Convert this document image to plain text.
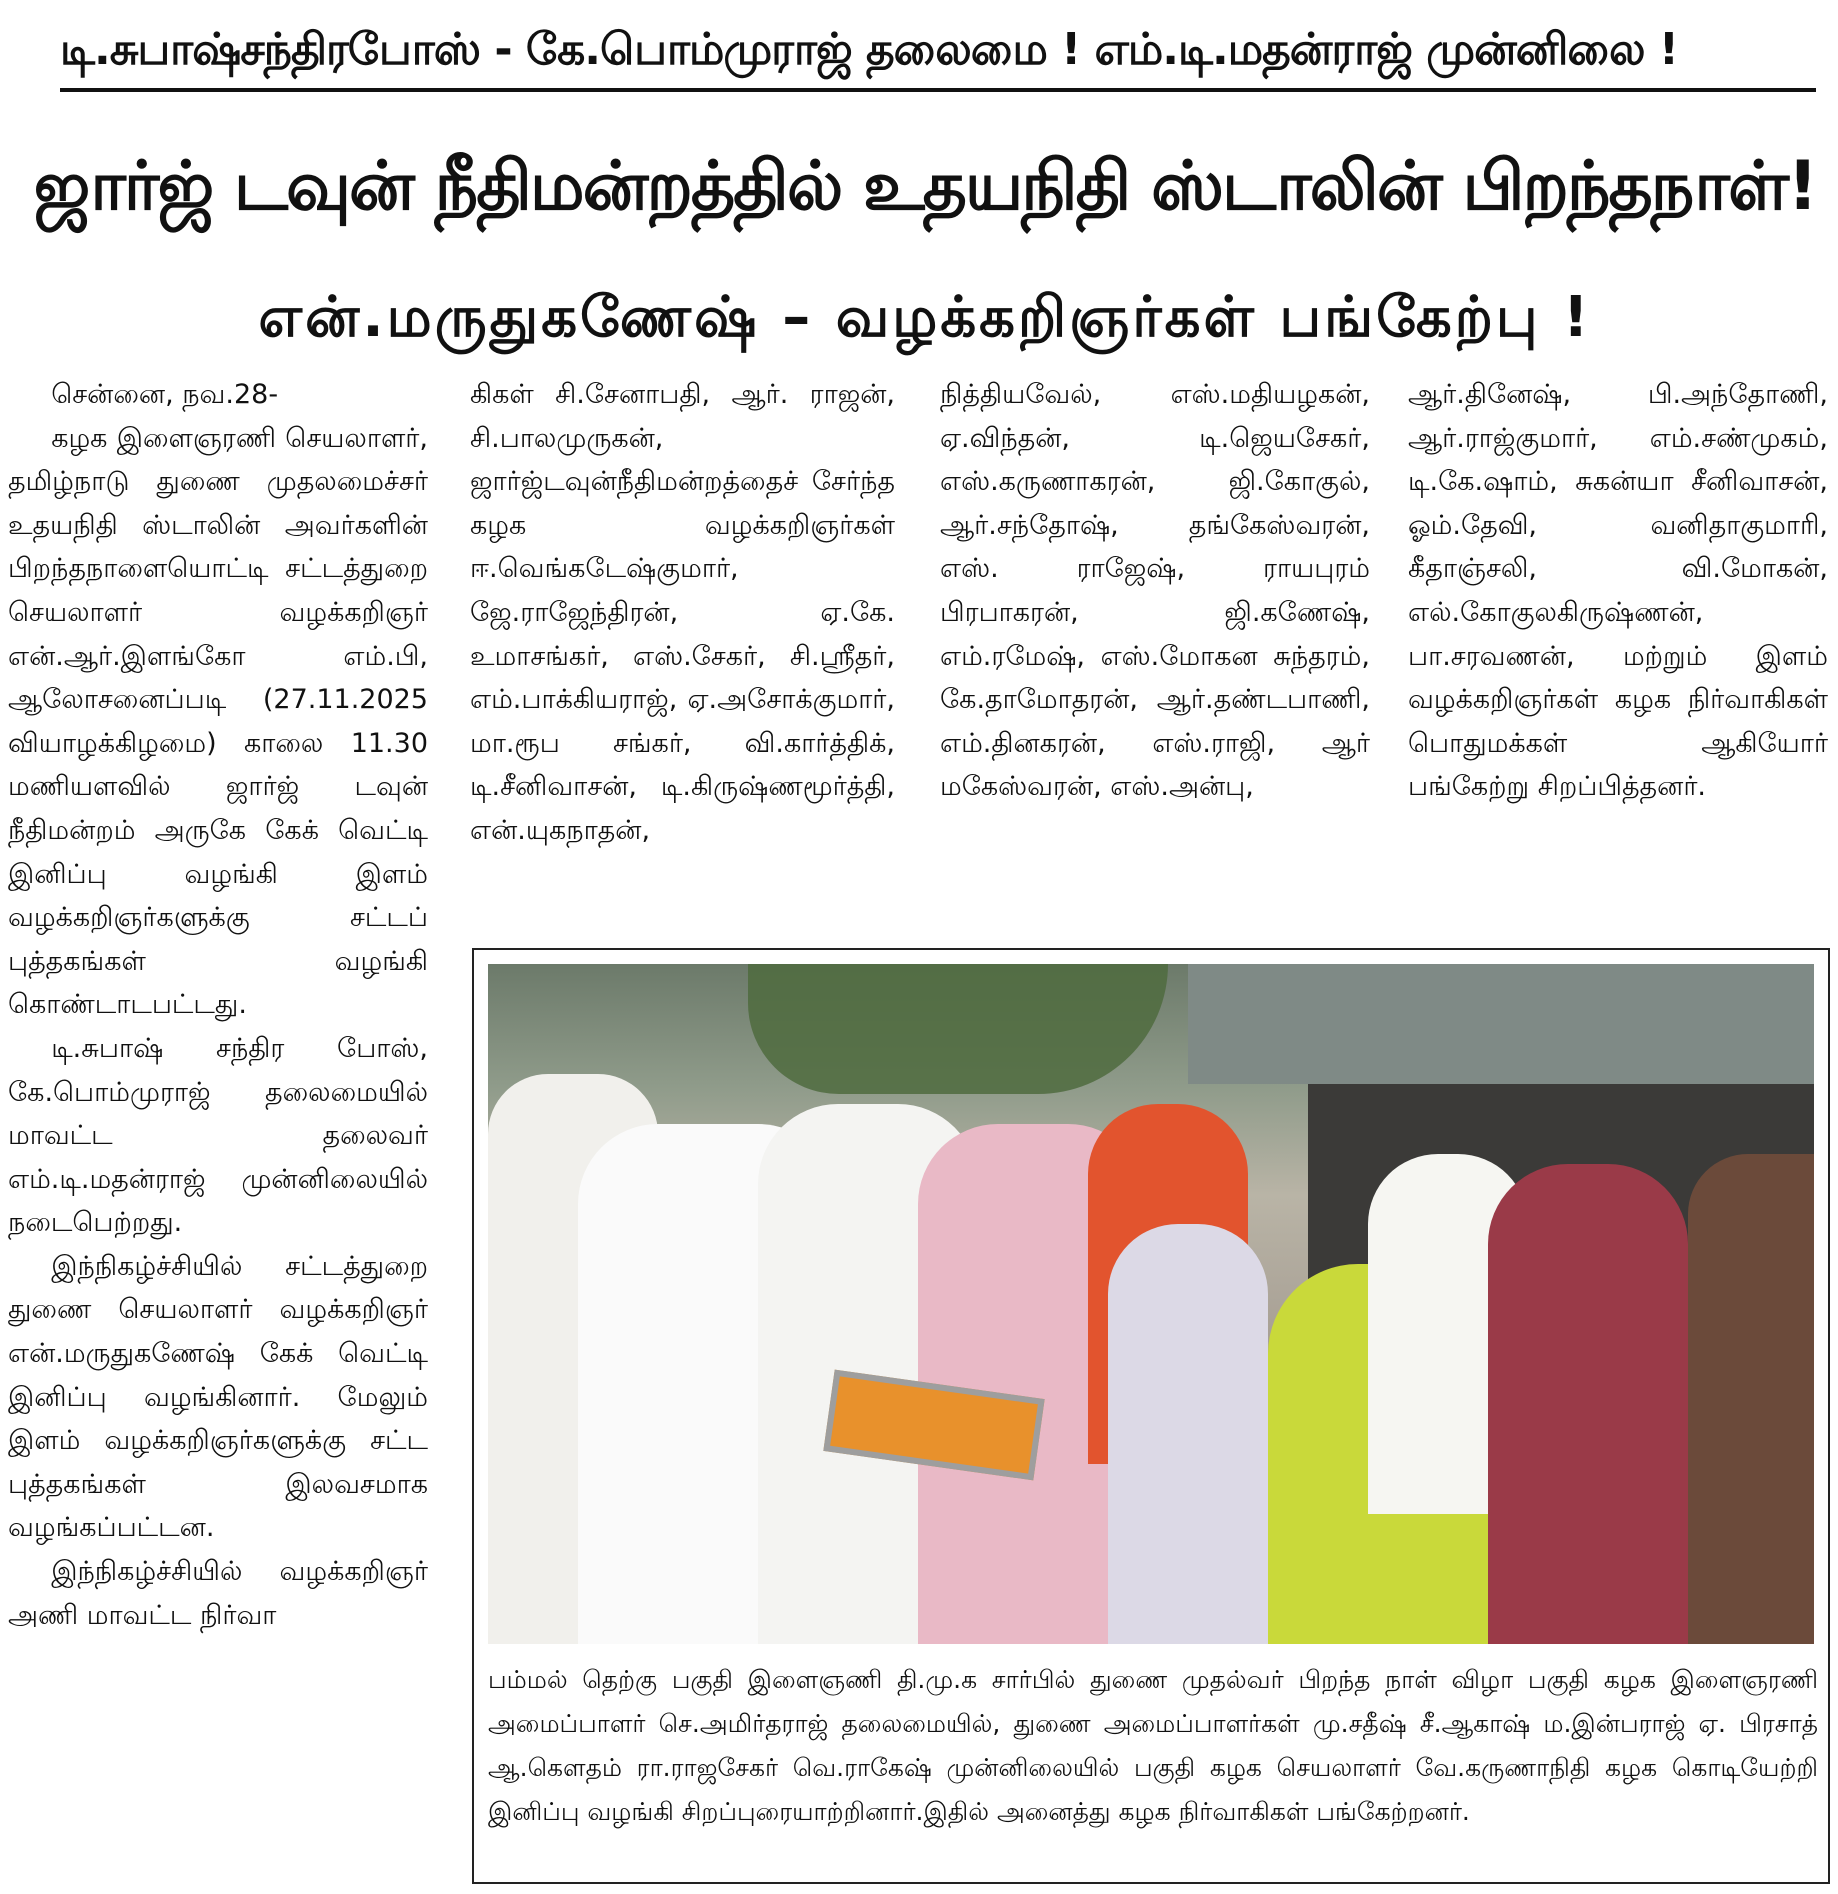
டி.சுபாஷ்சந்திரபோஸ் - கே.பொம்முராஜ் தலைமை ! எம்.டி.மதன்ராஜ் முன்னிலை !
ஜார்ஜ் டவுன் நீதிமன்றத்தில் உதயநிதி ஸ்டாலின் பிறந்தநாள்!
என்.மருதுகணேஷ் – வழக்கறிஞர்கள் பங்கேற்பு !

சென்னை, நவ.28-

கழக இளைஞரணி செயலாளர், தமிழ்நாடு துணை முதலமைச்சர் உதயநிதி ஸ்டாலின் அவர்களின் பிறந்தநாளையொட்டி சட்டத்துறை செயலாளர் வழக்கறிஞர் என்.ஆர்.இளங்கோ எம்.பி, ஆலோசனைப்படி (27.11.2025 வியாழக்கிழமை) காலை 11.30 மணியளவில் ஜார்ஜ் டவுன் நீதிமன்றம் அருகே கேக் வெட்டி இனிப்பு வழங்கி இளம் வழக்கறிஞர்களுக்கு சட்டப் புத்தகங்கள் வழங்கி கொண்டாடபட்டது.

டி.சுபாஷ் சந்திர போஸ், கே.பொம்முராஜ் தலைமையில் மாவட்ட தலைவர் எம்.டி.மதன்ராஜ் முன்னிலையில் நடைபெற்றது.

இந்நிகழ்ச்சியில் சட்டத்துறை துணை செயலாளர் வழக்கறிஞர் என்.மருதுகணேஷ் கேக் வெட்டி இனிப்பு வழங்கினார். மேலும் இளம் வழக்கறிஞர்களுக்கு சட்ட புத்தகங்கள் இலவசமாக வழங்கப்பட்டன.

இந்நிகழ்ச்சியில் வழக்கறிஞர் அணி மாவட்ட நிர்வா

கிகள் சி.சேனாபதி, ஆர். ராஜன், சி.பாலமுருகன், ஜார்ஜ்டவுன்நீதிமன்றத்தைச் சேர்ந்த கழக வழக்கறிஞர்கள் ஈ.வெங்கடேஷ்குமார், ஜே.ராஜேந்திரன், ஏ.கே. உமாசங்கர், எஸ்.சேகர், சி.ஸ்ரீதர், எம்.பாக்கியராஜ், ஏ.அசோக்குமார், மா.ரூப சங்கர், வி.கார்த்திக், டி.சீனிவாசன், டி.கிருஷ்ணமூர்த்தி, என்.யுகநாதன்,

நித்தியவேல், எஸ்.மதியழகன், ஏ.விந்தன், டி.ஜெயசேகர், எஸ்.கருணாகரன், ஜி.கோகுல், ஆர்.சந்தோஷ், தங்கேஸ்வரன், எஸ். ராஜேஷ், ராயபுரம் பிரபாகரன், ஜி.கணேஷ், எம்.ரமேஷ், எஸ்.மோகன சுந்தரம், கே.தாமோதரன், ஆர்.தண்டபாணி, எம்.தினகரன், எஸ்.ராஜி, ஆர் மகேஸ்வரன், எஸ்.அன்பு,

ஆர்.தினேஷ், பி.அந்தோணி, ஆர்.ராஜ்குமார், எம்.சண்முகம், டி.கே.ஷாம், சுகன்யா சீனிவாசன், ஓம்.தேவி, வனிதாகுமாரி, கீதாஞ்சலி, வி.மோகன், எல்.கோகுலகிருஷ்ணன், பா.சரவணன், மற்றும் இளம் வழக்கறிஞர்கள் கழக நிர்வாகிகள் பொதுமக்கள் ஆகியோர் பங்கேற்று சிறப்பித்தனர்.

பம்மல் தெற்கு பகுதி இளைஞணி தி.மு.க சார்பில் துணை முதல்வர் பிறந்த நாள் விழா பகுதி கழக இளைஞரணி அமைப்பாளர் செ.அமிர்தராஜ் தலைமையில், துணை அமைப்பாளர்கள் மு.சதீஷ் சீ.ஆகாஷ் ம.இன்பராஜ் ஏ. பிரசாத் ஆ.கௌதம் ரா.ராஜசேகர் வெ.ராகேஷ் முன்னிலையில் பகுதி கழக செயலாளர் வே.கருணாநிதி கழக கொடியேற்றி இனிப்பு வழங்கி சிறப்புரையாற்றினார்.இதில் அனைத்து கழக நிர்வாகிகள் பங்கேற்றனர்.
